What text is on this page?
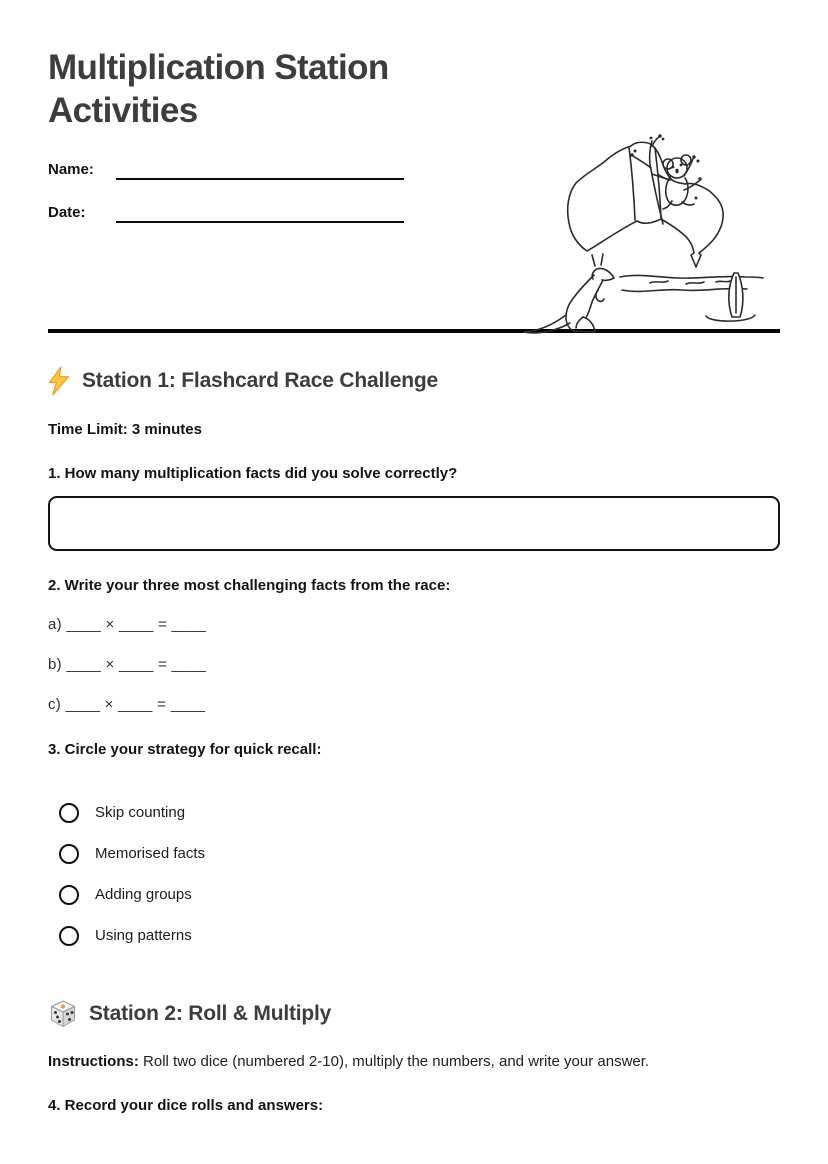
Multiplication Station Activities
Name:
Date:
Station 1: Flashcard Race Challenge

Time Limit: 3 minutes

1. How many multiplication facts did you solve correctly?

2. Write your three most challenging facts from the race:

a) ____ × ____ = ____

b) ____ × ____ = ____

c) ____ × ____ = ____

3. Circle your strategy for quick recall:

Skip counting
Memorised facts
Adding groups
Using patterns
Station 2: Roll & Multiply

Instructions: Roll two dice (numbered 2-10), multiply the numbers, and write your answer.

4. Record your dice rolls and answers:
